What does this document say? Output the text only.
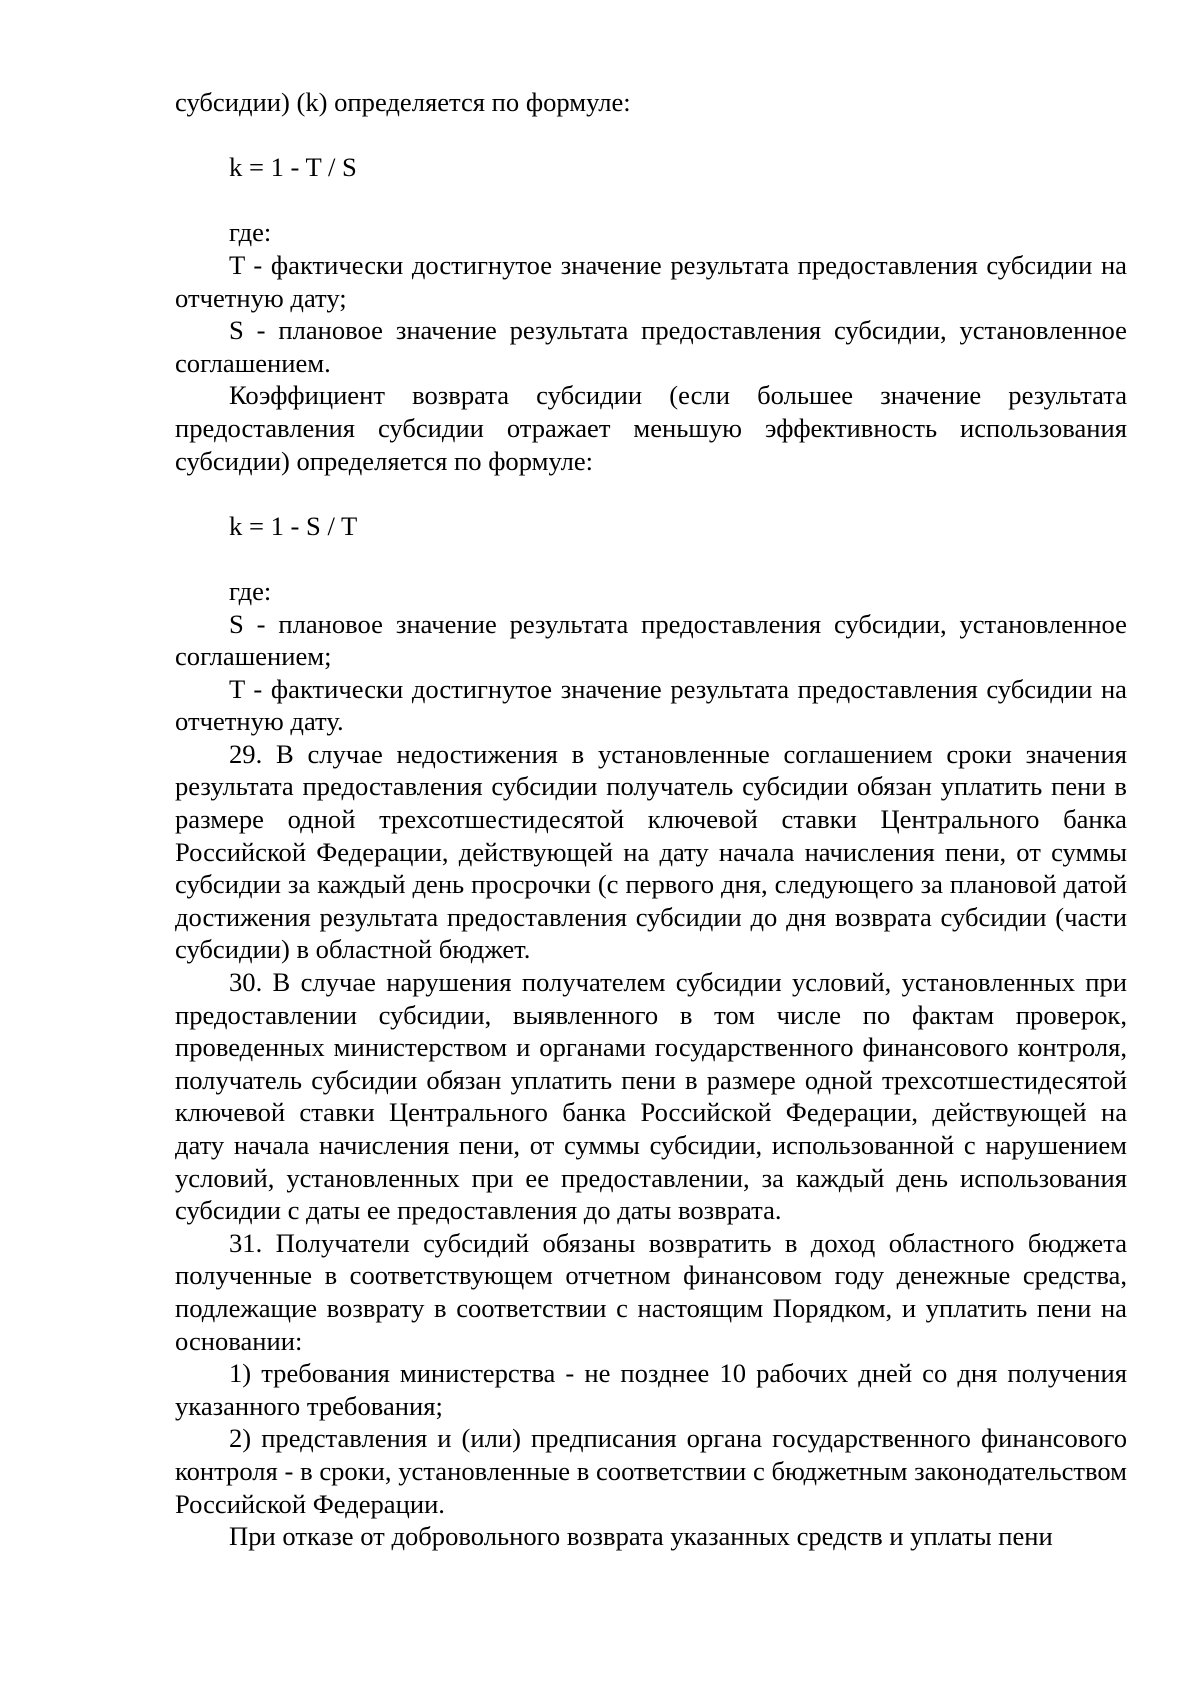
субсидии) (k) определяется по формуле:

k = 1 - T / S

где:

T - фактически достигнутое значение результата предоставления субсидии на отчетную дату;

S - плановое значение результата предоставления субсидии, установленное соглашением.

Коэффициент возврата субсидии (если большее значение результата предоставления субсидии отражает меньшую эффективность использования субсидии) определяется по формуле:

k = 1 - S / T

где:

S - плановое значение результата предоставления субсидии, установленное соглашением;

T - фактически достигнутое значение результата предоставления субсидии на отчетную дату.

29. В случае недостижения в установленные соглашением сроки значения результата предоставления субсидии получатель субсидии обязан уплатить пени в размере одной трехсотшестидесятой ключевой ставки Центрального банка Российской Федерации, действующей на дату начала начисления пени, от суммы субсидии за каждый день просрочки (с первого дня, следующего за плановой датой достижения результата предоставления субсидии до дня возврата субсидии (части субсидии) в областной бюджет.

30. В случае нарушения получателем субсидии условий, установленных при предоставлении субсидии, выявленного в том числе по фактам проверок, проведенных министерством и органами государственного финансового контроля, получатель субсидии обязан уплатить пени в размере одной трехсотшестидесятой ключевой ставки Центрального банка Российской Федерации, действующей на дату начала начисления пени, от суммы субсидии, использованной с нарушением условий, установленных при ее предоставлении, за каждый день использования субсидии с даты ее предоставления до даты возврата.

31. Получатели субсидий обязаны возвратить в доход областного бюджета полученные в соответствующем отчетном финансовом году денежные средства, подлежащие возврату в соответствии с настоящим Порядком, и уплатить пени на основании:

1) требования министерства - не позднее 10 рабочих дней со дня получения указанного требования;

2) представления и (или) предписания органа государственного финансового контроля - в сроки, установленные в соответствии с бюджетным законодательством Российской Федерации.

При отказе от добровольного возврата указанных средств и уплаты пени
